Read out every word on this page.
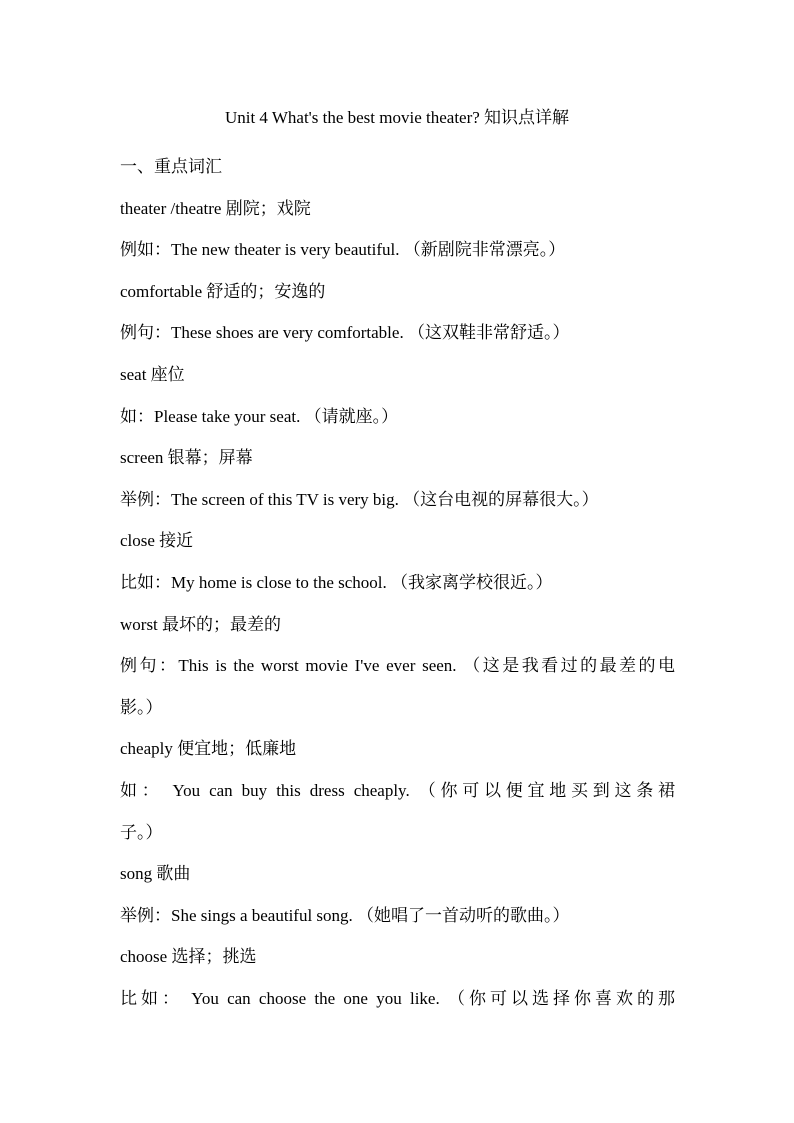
Unit 4 What's the best movie theater? 知识点详解
一、重点词汇
theater /theatre 剧院；戏院
例如：The new theater is very beautiful. （新剧院非常漂亮。）
comfortable 舒适的；安逸的
例句：These shoes are very comfortable. （这双鞋非常舒适。）
seat 座位
如：Please take your seat. （请就座。）
screen 银幕；屏幕
举例：The screen of this TV is very big. （这台电视的屏幕很大。）
close 接近
比如：My home is close to the school. （我家离学校很近。）
worst 最坏的；最差的
例句：This is the worst movie I've ever seen. （这是我看过的最差的电
影。）
cheaply 便宜地；低廉地
如： You can buy this dress cheaply. （你可以便宜地买到这条裙
子。）
song 歌曲
举例：She sings a beautiful song. （她唱了一首动听的歌曲。）
choose 选择；挑选
比如： You can choose the one you like. （你可以选择你喜欢的那
